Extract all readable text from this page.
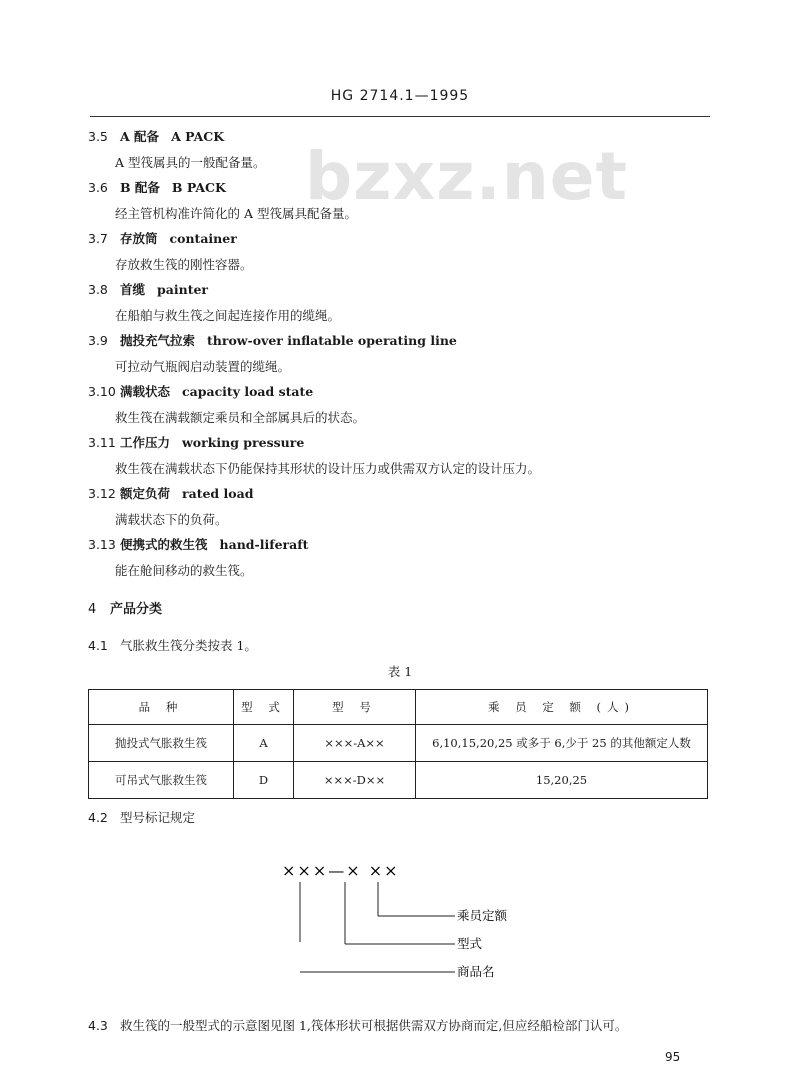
bzxz.net
HG 2714.1—1995
3.5 A 配备 A PACK
A 型筏属具的一般配备量。
3.6 B 配备 B PACK
经主管机构准许简化的 A 型筏属具配备量。
3.7 存放筒 container
存放救生筏的刚性容器。
3.8 首缆 painter
在船舶与救生筏之间起连接作用的缆绳。
3.9 抛投充气拉索 throw-over inflatable operating line
可拉动气瓶阀启动装置的缆绳。
3.10 满载状态 capacity load state
救生筏在满载额定乘员和全部属具后的状态。
3.11 工作压力 working pressure
救生筏在满载状态下仍能保持其形状的设计压力或供需双方认定的设计压力。
3.12 额定负荷 rated load
满载状态下的负荷。
3.13 便携式的救生筏 hand-liferaft
能在舱间移动的救生筏。
4 产品分类
4.1 气胀救生筏分类按表 1。
表 1
品 种	型 式	型 号	乘 员 定 额 (人)
抛投式气胀救生筏	A	×××-A××	6,10,15,20,25 或多于 6,少于 25 的其他额定人数
可吊式气胀救生筏	D	×××-D××	15,20,25
4.2 型号标记规定
×××—× ××
乘员定额
型式
商品名
4.3 救生筏的一般型式的示意图见图 1,筏体形状可根据供需双方协商而定,但应经船检部门认可。
95
